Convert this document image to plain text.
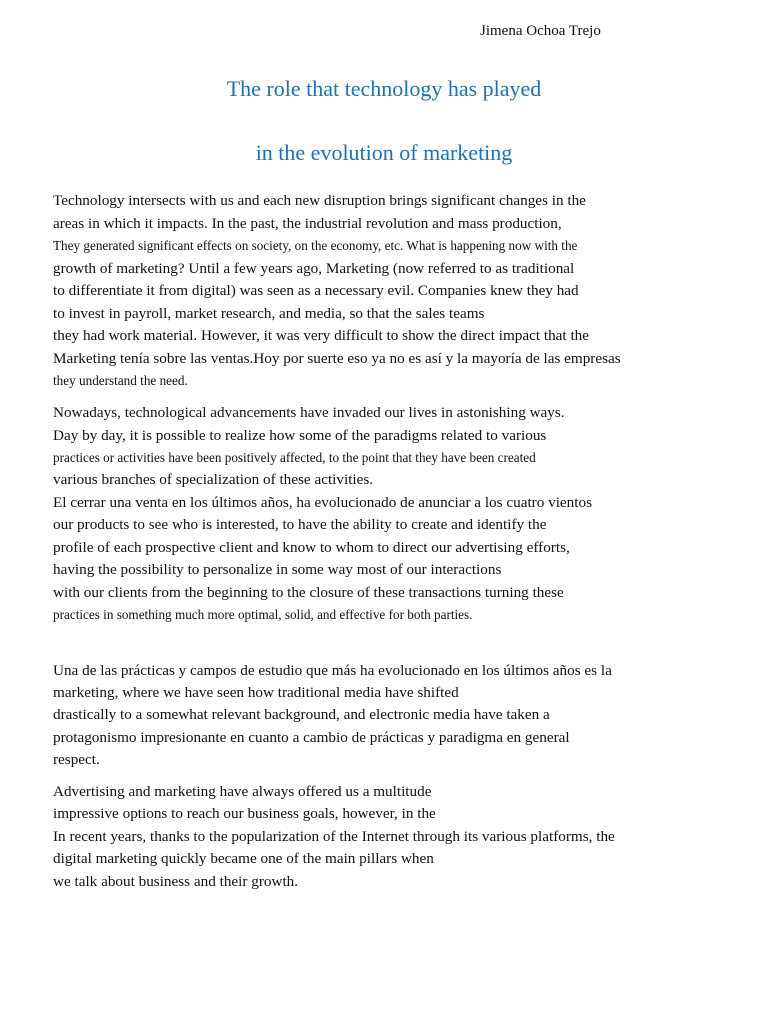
Jimena Ochoa Trejo
The role that technology has played
in the evolution of marketing
Technology intersects with us and each new disruption brings significant changes in the
areas in which it impacts. In the past, the industrial revolution and mass production,
They generated significant effects on society, on the economy, etc. What is happening now with the
growth of marketing? Until a few years ago, Marketing (now referred to as traditional
to differentiate it from digital) was seen as a necessary evil. Companies knew they had
to invest in payroll, market research, and media, so that the sales teams
they had work material. However, it was very difficult to show the direct impact that the
Marketing tenía sobre las ventas.Hoy por suerte eso ya no es así y la mayoría de las empresas
they understand the need.
Nowadays, technological advancements have invaded our lives in astonishing ways.
Day by day, it is possible to realize how some of the paradigms related to various
practices or activities have been positively affected, to the point that they have been created
various branches of specialization of these activities.
El cerrar una venta en los últimos años, ha evolucionado de anunciar a los cuatro vientos
our products to see who is interested, to have the ability to create and identify the
profile of each prospective client and know to whom to direct our advertising efforts,
having the possibility to personalize in some way most of our interactions
with our clients from the beginning to the closure of these transactions turning these
practices in something much more optimal, solid, and effective for both parties.
Una de las prácticas y campos de estudio que más ha evolucionado en los últimos años es la
marketing, where we have seen how traditional media have shifted
drastically to a somewhat relevant background, and electronic media have taken a
protagonismo impresionante en cuanto a cambio de prácticas y paradigma en general
respect.
Advertising and marketing have always offered us a multitude
impressive options to reach our business goals, however, in the
In recent years, thanks to the popularization of the Internet through its various platforms, the
digital marketing quickly became one of the main pillars when
we talk about business and their growth.
